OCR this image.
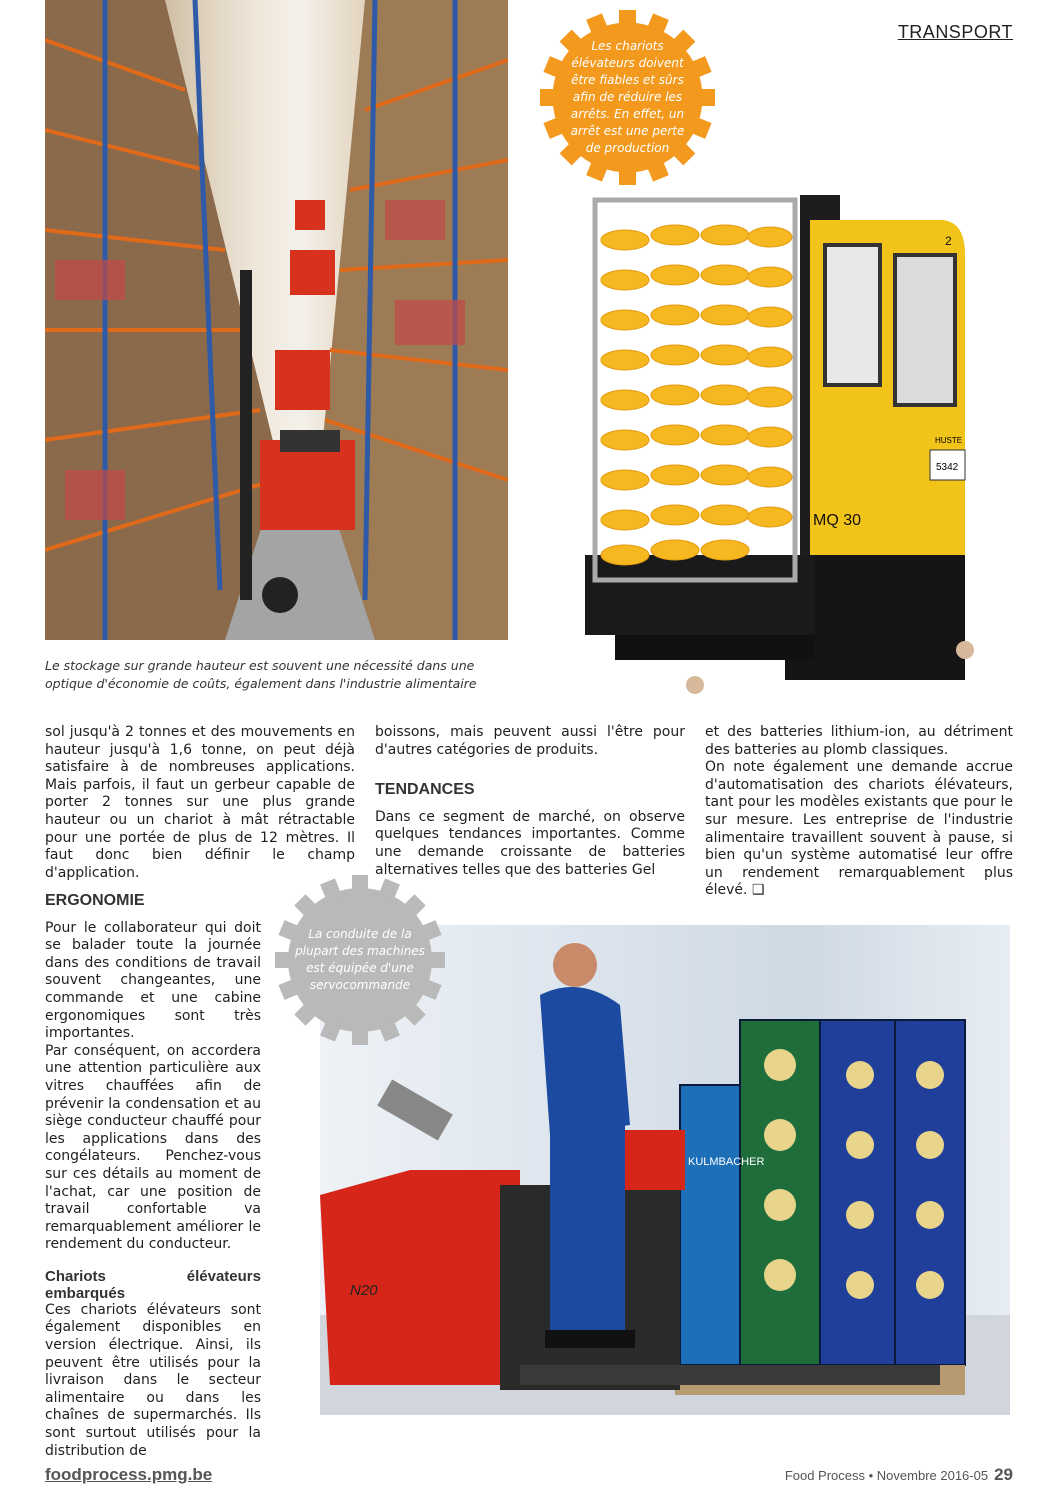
TRANSPORT
5342
HUSTE
MQ 30
2
Les chariots élévateurs doivent être fiables et sûrs afin de réduire les arrêts. En effet, un arrêt est une perte de production
Le stockage sur grande hauteur est souvent une nécessité dans une optique d'économie de coûts, également dans l'industrie alimentaire

sol jusqu'à 2 tonnes et des mouvements en hauteur jusqu'à 1,6 tonne, on peut déjà satisfaire à de nombreuses applications. Mais parfois, il faut un gerbeur capable de porter 2 tonnes sur une plus grande hauteur ou un chariot à mât rétractable pour une portée de plus de 12 mètres. Il faut donc bien définir le champ d'application.

ERGONOMIE

Pour le collaborateur qui doit se balader toute la journée dans des conditions de travail souvent changeantes, une commande et une cabine ergonomiques sont très importantes.

Par conséquent, on accordera une attention particulière aux vitres chauffées afin de prévenir la condensation et au siège conducteur chauffé pour les applications dans des congélateurs. Penchez-vous sur ces détails au moment de l'achat, car une position de travail confortable va remarquablement améliorer le rendement du conducteur.

Chariots élévateurs embarqués

Ces chariots élévateurs sont également disponibles en version électrique. Ainsi, ils peuvent être utilisés pour la livraison dans le secteur alimentaire ou dans les chaînes de supermarchés. Ils sont surtout utilisés pour la distribution de

boissons, mais peuvent aussi l'être pour d'autres catégories de produits.

TENDANCES

Dans ce segment de marché, on observe quelques tendances importantes. Comme une demande croissante de batteries alternatives telles que des batteries Gel

et des batteries lithium-ion, au détriment des batteries au plomb classiques.

On note également une demande accrue d'automatisation des chariots élévateurs, tant pour les modèles existants que pour le sur mesure. Les entreprise de l'industrie alimentaire travaillent souvent à pause, si bien qu'un système automatisé leur offre un rendement remarquablement plus élevé. ❑

KULMBACHER
N20
La conduite de la plupart des machines est équipée d'une servocommande
foodprocess.pmg.be	Food Process • Novembre 2016-05 29
